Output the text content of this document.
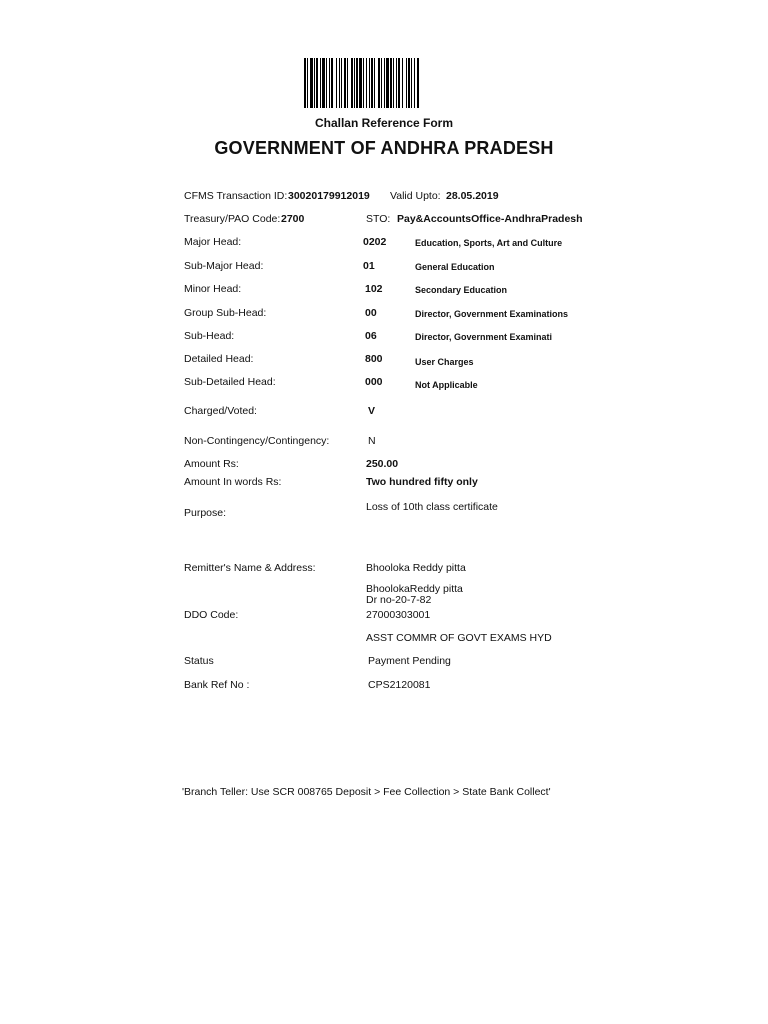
Challan Reference Form
GOVERNMENT OF ANDHRA PRADESH
CFMS Transaction ID: 30020179912019 Valid Upto: 28.05.2019
Treasury/PAO Code: 2700	STO: Pay&AccountsOffice-AndhraPradesh
Major Head:	0202	Education, Sports, Art and Culture
Sub-Major Head:	01	General Education
Minor Head:	102	Secondary Education
Group Sub-Head:	00	Director, Government Examinations
Sub-Head:	06	Director, Government Examinati
Detailed Head:	800	User Charges
Sub-Detailed Head:	000	Not Applicable
Charged/Voted:	V
Non-Contingency/Contingency:	N
Amount Rs:	250.00
Amount In words Rs:	Two hundred fifty only
Purpose:	Loss of 10th class certificate
Remitter's Name & Address:	Bhooloka Reddy pitta
BhoolokaReddy pitta
Dr no-20-7-82
DDO Code:	27000303001
ASST COMMR OF GOVT EXAMS HYD
Status	Payment Pending
Bank Ref No :	CPS2120081
'Branch Teller: Use SCR 008765 Deposit > Fee Collection > State Bank Collect'
